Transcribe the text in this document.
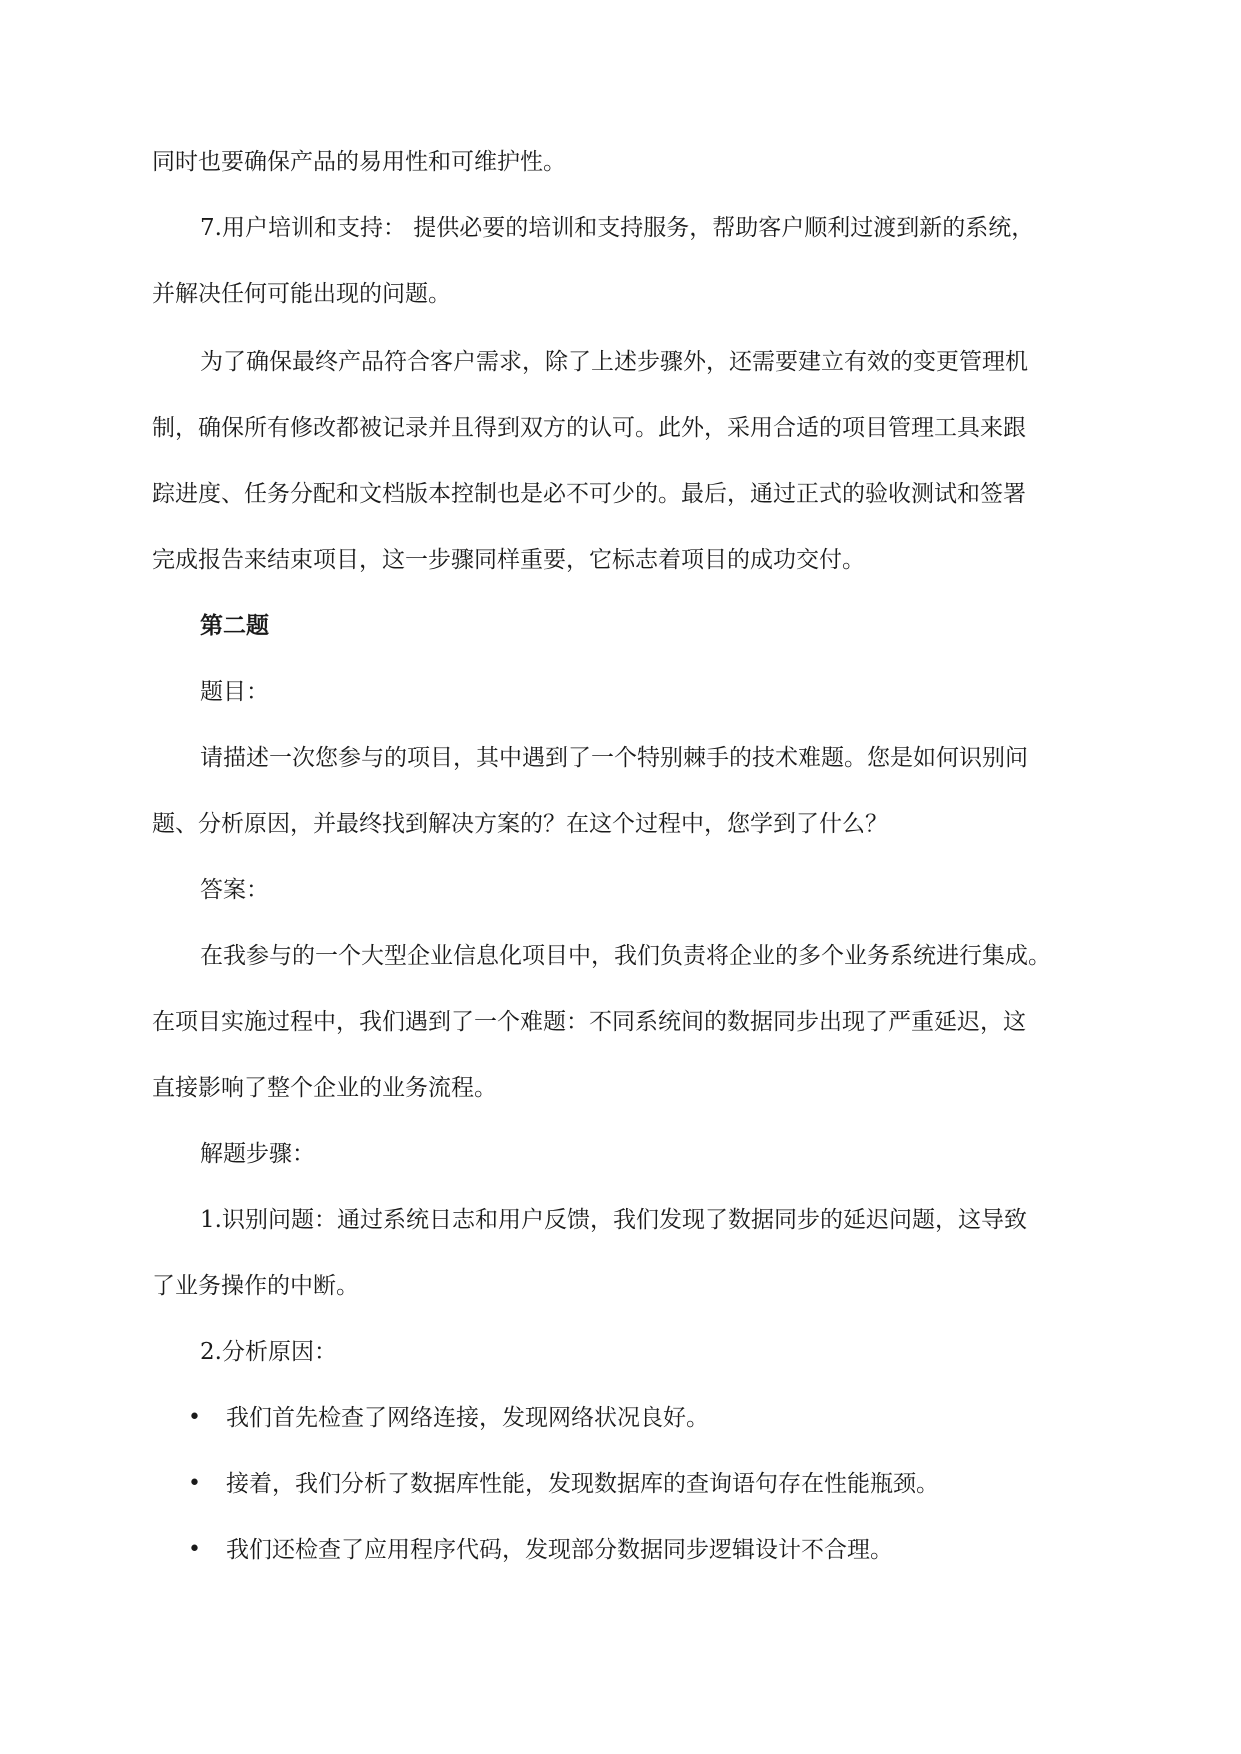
同时也要确保产品的易用性和可维护性。
7.用户培训和支持： 提供必要的培训和支持服务，帮助客户顺利过渡到新的系统，
并解决任何可能出现的问题。
为了确保最终产品符合客户需求，除了上述步骤外，还需要建立有效的变更管理机
制，确保所有修改都被记录并且得到双方的认可。此外，采用合适的项目管理工具来跟
踪进度、任务分配和文档版本控制也是必不可少的。最后，通过正式的验收测试和签署
完成报告来结束项目，这一步骤同样重要，它标志着项目的成功交付。
第二题
题目：
请描述一次您参与的项目，其中遇到了一个特别棘手的技术难题。您是如何识别问
题、分析原因，并最终找到解决方案的？在这个过程中，您学到了什么？
答案：
在我参与的一个大型企业信息化项目中，我们负责将企业的多个业务系统进行集成。
在项目实施过程中，我们遇到了一个难题：不同系统间的数据同步出现了严重延迟，这
直接影响了整个企业的业务流程。
解题步骤：
1.识别问题：通过系统日志和用户反馈，我们发现了数据同步的延迟问题，这导致
了业务操作的中断。
2.分析原因：
• 我们首先检查了网络连接，发现网络状况良好。
• 接着，我们分析了数据库性能，发现数据库的查询语句存在性能瓶颈。
• 我们还检查了应用程序代码，发现部分数据同步逻辑设计不合理。
